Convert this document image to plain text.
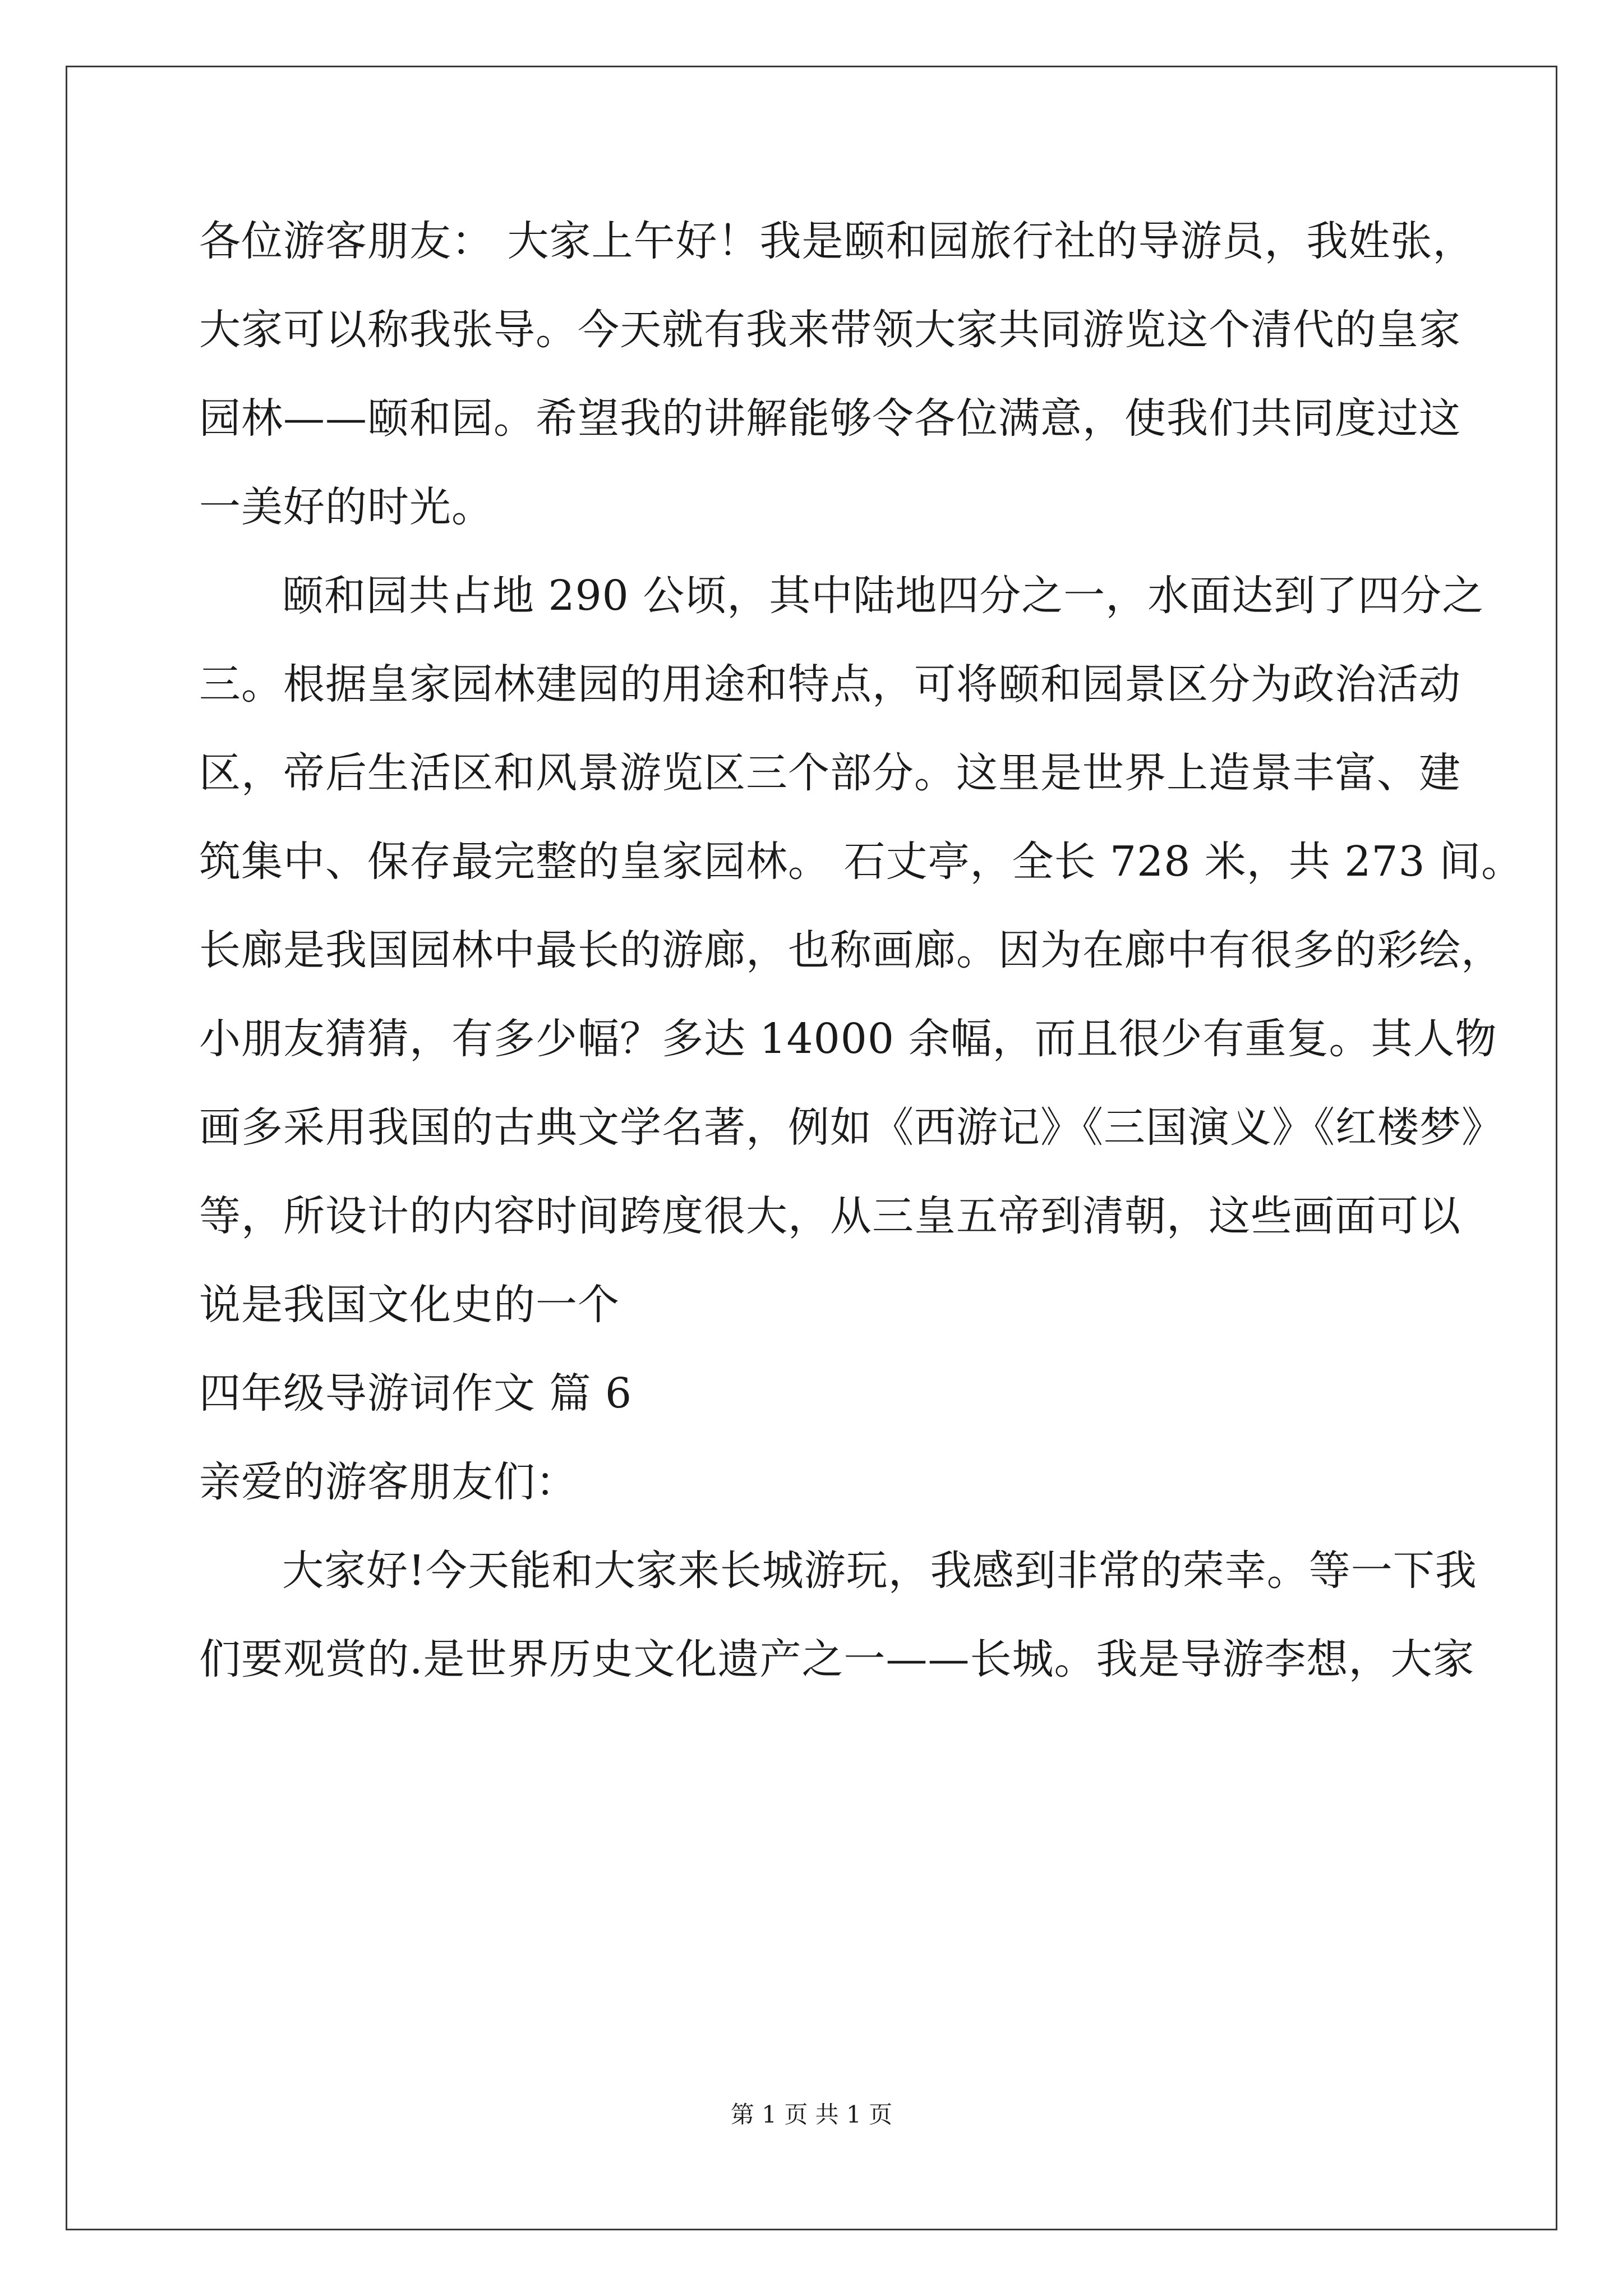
各位游客朋友： 大家上午好！我是颐和园旅行社的导游员，我姓张，
大家可以称我张导。今天就有我来带领大家共同游览这个清代的皇家
园林——颐和园。希望我的讲解能够令各位满意，使我们共同度过这
一美好的时光。
颐和园共占地 290 公顷，其中陆地四分之一，水面达到了四分之
三。根据皇家园林建园的用途和特点，可将颐和园景区分为政治活动
区，帝后生活区和风景游览区三个部分。这里是世界上造景丰富、建
筑集中、保存最完整的皇家园林。 石丈亭，全长 728 米，共 273 间。
长廊是我国园林中最长的游廊，也称画廊。因为在廊中有很多的彩绘，
小朋友猜猜，有多少幅？多达 14000 余幅，而且很少有重复。其人物
画多采用我国的古典文学名著，例如《西游记》《三国演义》《红楼梦》
等，所设计的内容时间跨度很大，从三皇五帝到清朝，这些画面可以
说是我国文化史的一个
四年级导游词作文 篇 6
亲爱的游客朋友们：
大家好!今天能和大家来长城游玩，我感到非常的荣幸。等一下我
们要观赏的.是世界历史文化遗产之一——长城。我是导游李想，大家
第 1 页 共 1 页
